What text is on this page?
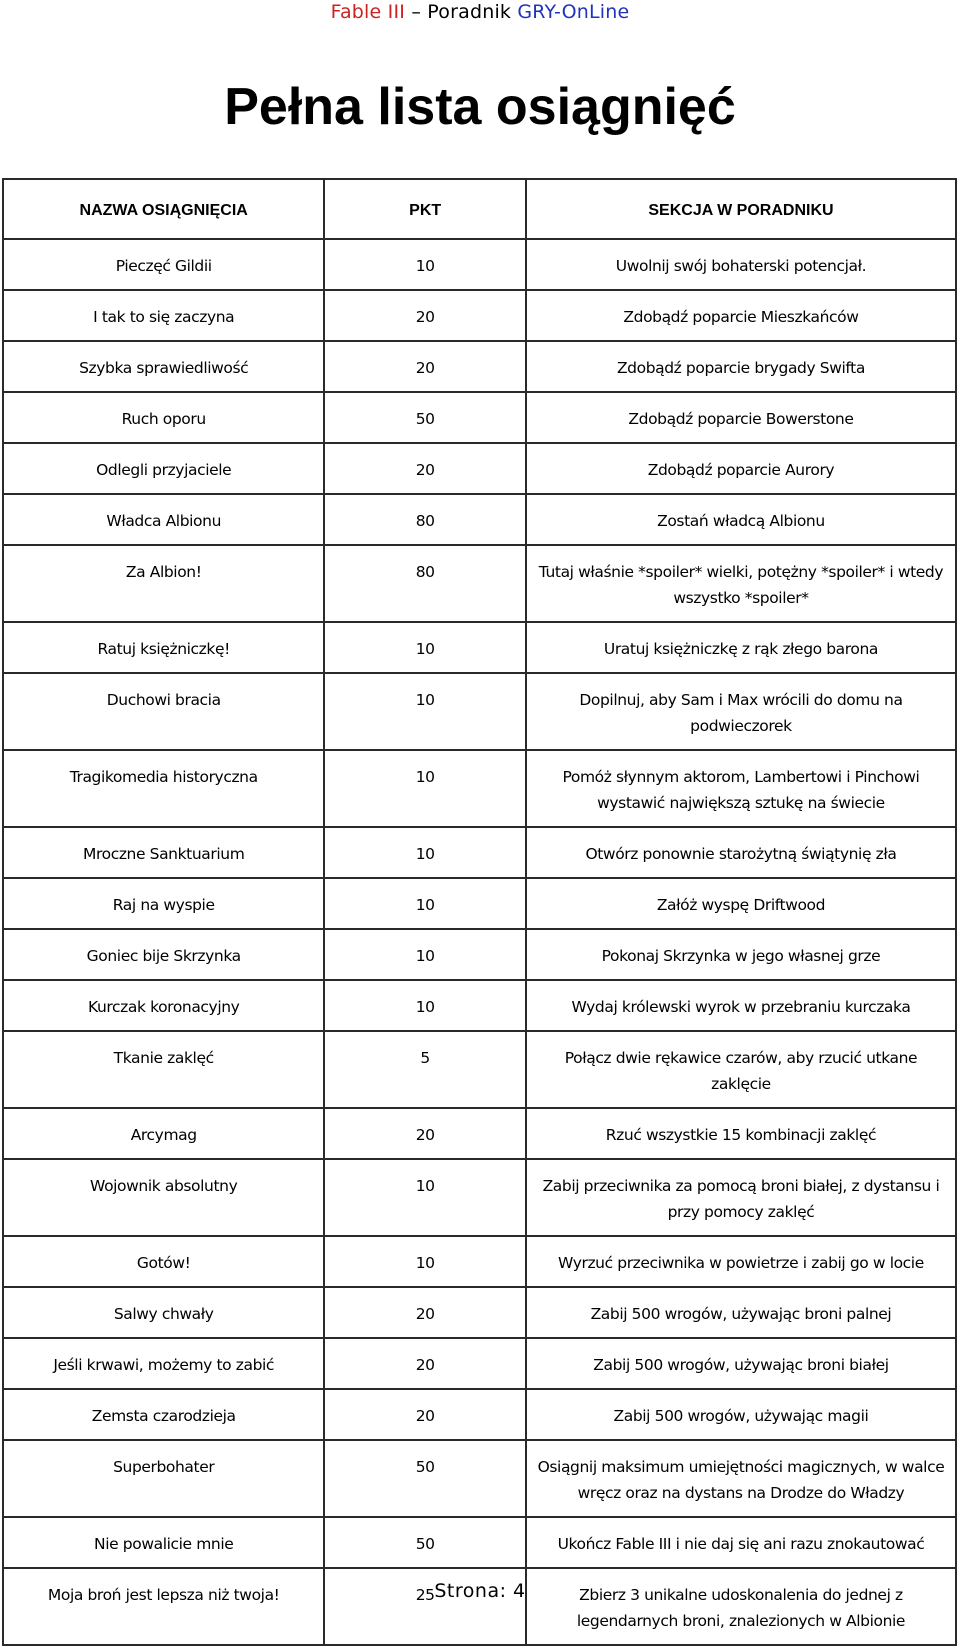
Fable III – Poradnik GRY-OnLine
Pełna lista osiągnięć
NAZWA OSIĄGNIĘCIA	PKT	SEKCJA W PORADNIKU
Pieczęć Gildii	10	Uwolnij swój bohaterski potencjał.
I tak to się zaczyna	20	Zdobądź poparcie Mieszkańców
Szybka sprawiedliwość	20	Zdobądź poparcie brygady Swifta
Ruch oporu	50	Zdobądź poparcie Bowerstone
Odlegli przyjaciele	20	Zdobądź poparcie Aurory
Władca Albionu	80	Zostań władcą Albionu
Za Albion!	80	Tutaj właśnie *spoiler* wielki, potężny *spoiler* i wtedy wszystko *spoiler*
Ratuj księżniczkę!	10	Uratuj księżniczkę z rąk złego barona
Duchowi bracia	10	Dopilnuj, aby Sam i Max wrócili do domu na podwieczorek
Tragikomedia historyczna	10	Pomóż słynnym aktorom, Lambertowi i Pinchowi wystawić największą sztukę na świecie
Mroczne Sanktuarium	10	Otwórz ponownie starożytną świątynię zła
Raj na wyspie	10	Załóż wyspę Driftwood
Goniec bije Skrzynka	10	Pokonaj Skrzynka w jego własnej grze
Kurczak koronacyjny	10	Wydaj królewski wyrok w przebraniu kurczaka
Tkanie zaklęć	5	Połącz dwie rękawice czarów, aby rzucić utkane zaklęcie
Arcymag	20	Rzuć wszystkie 15 kombinacji zaklęć
Wojownik absolutny	10	Zabij przeciwnika za pomocą broni białej, z dystansu i przy pomocy zaklęć
Gotów!	10	Wyrzuć przeciwnika w powietrze i zabij go w locie
Salwy chwały	20	Zabij 500 wrogów, używając broni palnej
Jeśli krwawi, możemy to zabić	20	Zabij 500 wrogów, używając broni białej
Zemsta czarodzieja	20	Zabij 500 wrogów, używając magii
Superbohater	50	Osiągnij maksimum umiejętności magicznych, w walce wręcz oraz na dystans na Drodze do Władzy
Nie powalicie mnie	50	Ukończ Fable III i nie daj się ani razu znokautować
Moja broń jest lepsza niż twoja!	25	Zbierz 3 unikalne udoskonalenia do jednej z legendarnych broni, znalezionych w Albionie
Strona: 4
